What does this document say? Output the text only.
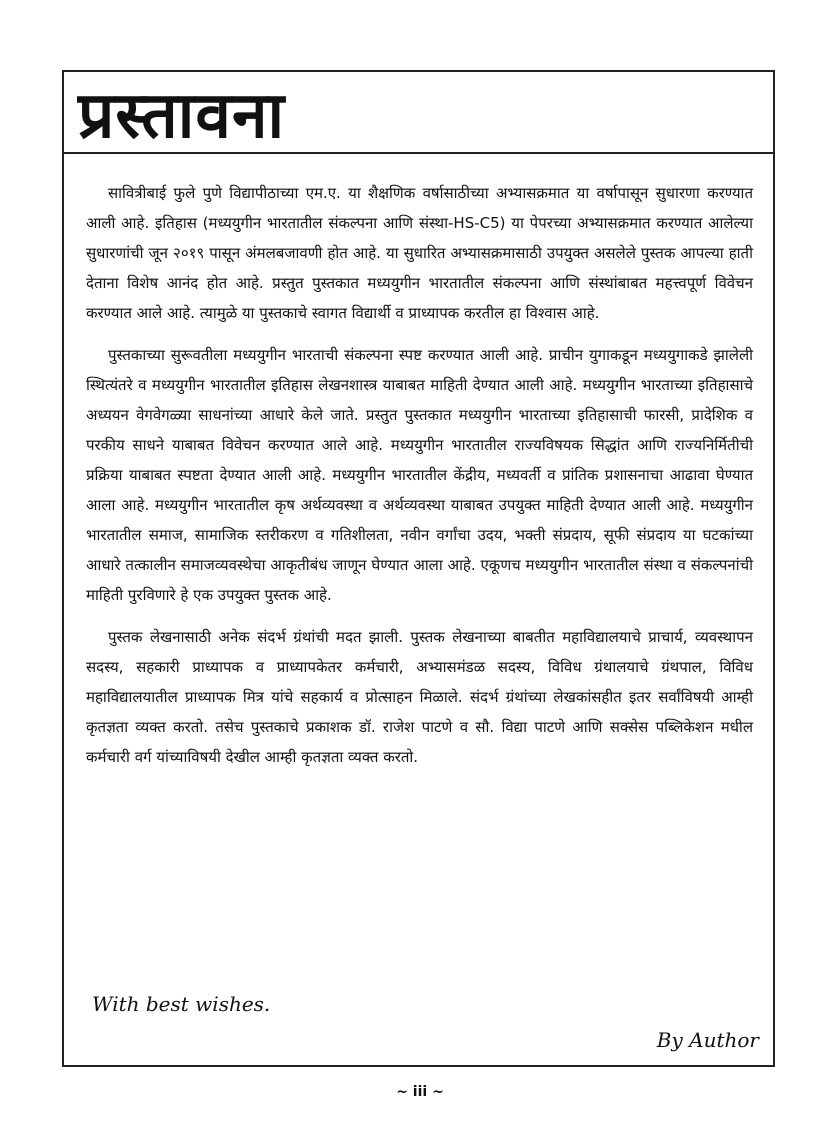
प्रस्तावना

सावित्रीबाई फुले पुणे विद्यापीठाच्या एम.ए. या शैक्षणिक वर्षासाठीच्या अभ्यासक्रमात या वर्षापासून सुधारणा करण्यात आली आहे. इतिहास (मध्ययुगीन भारतातील संकल्पना आणि संस्था-HS-C5) या पेपरच्या अभ्यासक्रमात करण्यात आलेल्या सुधारणांची जून २०१९ पासून अंमलबजावणी होत आहे. या सुधारित अभ्यासक्रमासाठी उपयुक्त असलेले पुस्तक आपल्या हाती देताना विशेष आनंद होत आहे. प्रस्तुत पुस्तकात मध्ययुगीन भारतातील संकल्पना आणि संस्थांबाबत महत्त्वपूर्ण विवेचन करण्यात आले आहे. त्यामुळे या पुस्तकाचे स्वागत विद्यार्थी व प्राध्यापक करतील हा विश्वास आहे.

पुस्तकाच्या सुरूवतीला मध्ययुगीन भारताची संकल्पना स्पष्ट करण्यात आली आहे. प्राचीन युगाकडून मध्ययुगाकडे झालेली स्थित्यंतरे व मध्ययुगीन भारतातील इतिहास लेखनशास्त्र याबाबत माहिती देण्यात आली आहे. मध्ययुगीन भारताच्या इतिहासाचे अध्ययन वेगवेगळ्या साधनांच्या आधारे केले जाते. प्रस्तुत पुस्तकात मध्ययुगीन भारताच्या इतिहासाची फारसी, प्रादेशिक व परकीय साधने याबाबत विवेचन करण्यात आले आहे. मध्ययुगीन भारतातील राज्यविषयक सिद्धांत आणि राज्यनिर्मितीची प्रक्रिया याबाबत स्पष्टता देण्यात आली आहे. मध्ययुगीन भारतातील केंद्रीय, मध्यवर्ती व प्रांतिक प्रशासनाचा आढावा घेण्यात आला आहे. मध्ययुगीन भारतातील कृष अर्थव्यवस्था व अर्थव्यवस्था याबाबत उपयुक्त माहिती देण्यात आली आहे. मध्ययुगीन भारतातील समाज, सामाजिक स्तरीकरण व गतिशीलता, नवीन वर्गांचा उदय, भक्ती संप्रदाय, सूफी संप्रदाय या घटकांच्या आधारे तत्कालीन समाजव्यवस्थेचा आकृतीबंध जाणून घेण्यात आला आहे. एकूणच मध्ययुगीन भारतातील संस्था व संकल्पनांची माहिती पुरविणारे हे एक उपयुक्त पुस्तक आहे.

पुस्तक लेखनासाठी अनेक संदर्भ ग्रंथांची मदत झाली. पुस्तक लेखनाच्या बाबतीत महाविद्यालयाचे प्राचार्य, व्यवस्थापन सदस्य, सहकारी प्राध्यापक व प्राध्यापकेतर कर्मचारी, अभ्यासमंडळ सदस्य, विविध ग्रंथालयाचे ग्रंथपाल, विविध महाविद्यालयातील प्राध्यापक मित्र यांचे सहकार्य व प्रोत्साहन मिळाले. संदर्भ ग्रंथांच्या लेखकांसहीत इतर सर्वांविषयी आम्ही कृतज्ञता व्यक्त करतो. तसेच पुस्तकाचे प्रकाशक डॉ. राजेश पाटणे व सौ. विद्या पाटणे आणि सक्सेस पब्लिकेशन मधील कर्मचारी वर्ग यांच्याविषयी देखील आम्ही कृतज्ञता व्यक्त करतो.

With best wishes.
By Author
~ iii ~
